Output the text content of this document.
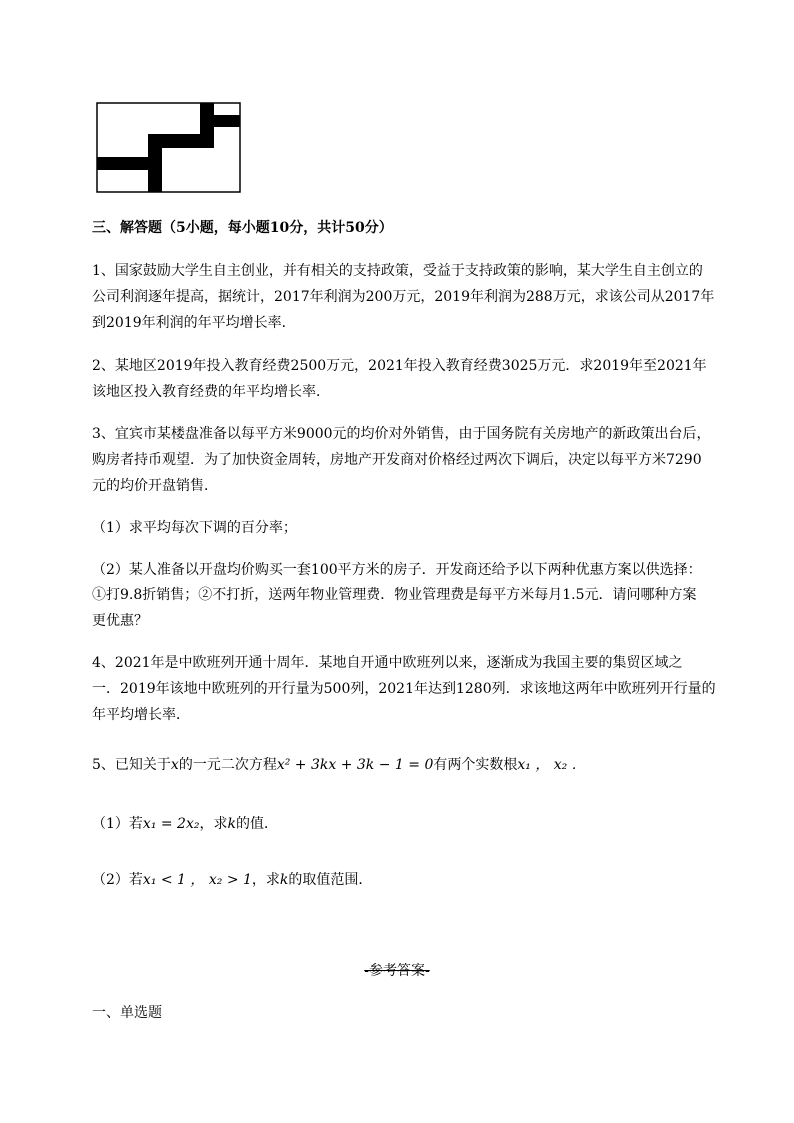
三、解答题（5小题，每小题10分，共计50分）
1、国家鼓励大学生自主创业，并有相关的支持政策，受益于支持政策的影响，某大学生自主创立的
公司利润逐年提高，据统计，2017年利润为200万元，2019年利润为288万元，求该公司从2017年
到2019年利润的年平均增长率．
2、某地区2019年投入教育经费2500万元，2021年投入教育经费3025万元．求2019年至2021年
该地区投入教育经费的年平均增长率．
3、宜宾市某楼盘准备以每平方米9000元的均价对外销售，由于国务院有关房地产的新政策出台后，
购房者持币观望．为了加快资金周转，房地产开发商对价格经过两次下调后，决定以每平方米7290
元的均价开盘销售．
（1）求平均每次下调的百分率；
（2）某人准备以开盘均价购买一套100平方米的房子．开发商还给予以下两种优惠方案以供选择：
①打9.8折销售；②不打折，送两年物业管理费．物业管理费是每平方米每月1.5元．请问哪种方案
更优惠？
4、2021年是中欧班列开通十周年．某地自开通中欧班列以来，逐渐成为我国主要的集贸区域之
一．2019年该地中欧班列的开行量为500列，2021年达到1280列．求该地这两年中欧班列开行量的
年平均增长率．
5、已知关于x的一元二次方程x² + 3kx + 3k − 1 = 0有两个实数根x₁ ， x₂ ．
（1）若x₁ = 2x₂，求k的值．
（2）若x₁ < 1 ， x₂ > 1，求k的取值范围．
-参考答案-
一、单选题
